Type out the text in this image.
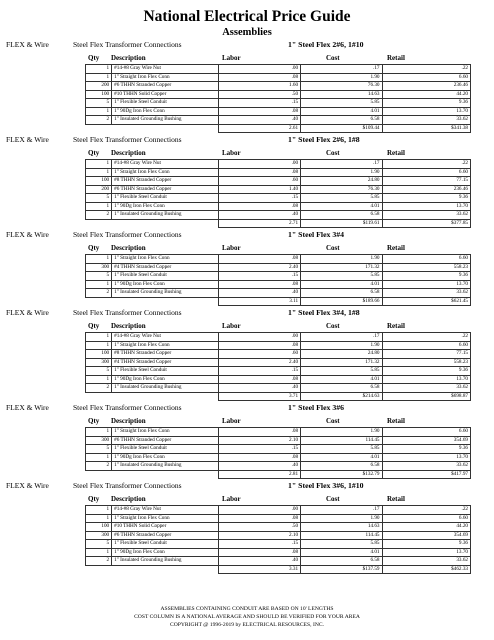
National Electrical Price Guide
Assemblies
FLEX & Wire	Steel Flex Transformer Connections	1" Steel Flex 2#6, 1#10
Qty Description	Labor	Cost	Retail
1	#14-#8 Gray Wire Nut	.00	.17	.22
1	1" Straight Iron Flex Conn	.08	1.90	6.60
200	#6 THHN Stranded Copper	1.60	76.30	236.46
100	#10 THHN Solid Copper	.50	14.63	44.20
5	1" Flexible Steel Conduit	.15	5.85	9.36
1	1" 90Dg Iron Flex Conn	.08	4.01	13.70
2	1" Insulated Grounding Bushing	.40	6.58	33.62
		2.61	$109.44	$341.38
FLEX & Wire	Steel Flex Transformer Connections	1" Steel Flex 2#6, 1#8
Qty Description	Labor	Cost	Retail
1	#14-#8 Gray Wire Nut	.00	.17	.22
1	1" Straight Iron Flex Conn	.08	1.90	6.60
100	#8 THHN Stranded Copper	.60	24.80	77.15
200	#6 THHN Stranded Copper	1.40	76.30	236.46
5	1" Flexible Steel Conduit	.15	5.85	9.36
1	1" 90Dg Iron Flex Conn	.08	4.01	13.70
2	1" Insulated Grounding Bushing	.40	6.58	33.62
		2.71	$119.61	$377.85
FLEX & Wire	Steel Flex Transformer Connections	1" Steel Flex 3#4
Qty Description	Labor	Cost	Retail
1	1" Straight Iron Flex Conn	.08	1.90	6.60
300	#4 THHN Stranded Copper	2.40	171.32	558.23
5	1" Flexible Steel Conduit	.15	5.85	9.36
1	1" 90Dg Iron Flex Conn	.08	4.01	13.70
2	1" Insulated Grounding Bushing	.40	6.58	33.62
		3.11	$189.66	$621.45
FLEX & Wire	Steel Flex Transformer Connections	1" Steel Flex 3#4, 1#8
Qty Description	Labor	Cost	Retail
1	#14-#8 Gray Wire Nut	.00	.17	.22
1	1" Straight Iron Flex Conn	.08	1.90	6.60
100	#8 THHN Stranded Copper	.60	24.80	77.15
300	#4 THHN Stranded Copper	2.40	171.32	558.23
5	1" Flexible Steel Conduit	.15	5.85	9.36
1	1" 90Dg Iron Flex Conn	.08	4.01	13.70
2	1" Insulated Grounding Bushing	.40	6.58	33.62
		3.71	$214.63	$698.87
FLEX & Wire	Steel Flex Transformer Connections	1" Steel Flex 3#6
Qty Description	Labor	Cost	Retail
1	1" Straight Iron Flex Conn	.08	1.90	6.60
300	#6 THHN Stranded Copper	2.10	114.45	354.69
5	1" Flexible Steel Conduit	.15	5.85	9.36
1	1" 90Dg Iron Flex Conn	.08	4.01	13.70
2	1" Insulated Grounding Bushing	.40	6.58	33.62
		2.81	$132.79	$417.97
FLEX & Wire	Steel Flex Transformer Connections	1" Steel Flex 3#6, 1#10
Qty Description	Labor	Cost	Retail
1	#14-#8 Gray Wire Nut	.00	.17	.22
1	1" Straight Iron Flex Conn	.08	1.90	6.60
100	#10 THHN Solid Copper	.50	14.63	44.20
300	#6 THHN Stranded Copper	2.10	114.45	354.69
5	1" Flexible Steel Conduit	.15	5.85	9.36
1	1" 90Dg Iron Flex Conn	.08	4.01	13.70
2	1" Insulated Grounding Bushing	.40	6.58	33.62
		3.31	$137.59	$462.33
ASSEMBLIES CONTAINING CONDUIT ARE BASED ON 10' LENGTHS
COST COLUMN IS A NATIONAL AVERAGE AND SHOULD BE VERIFIED FOR YOUR AREA
COPYRIGHT @ 1996-2019 by ELECTRICAL RESOURCES, INC.
